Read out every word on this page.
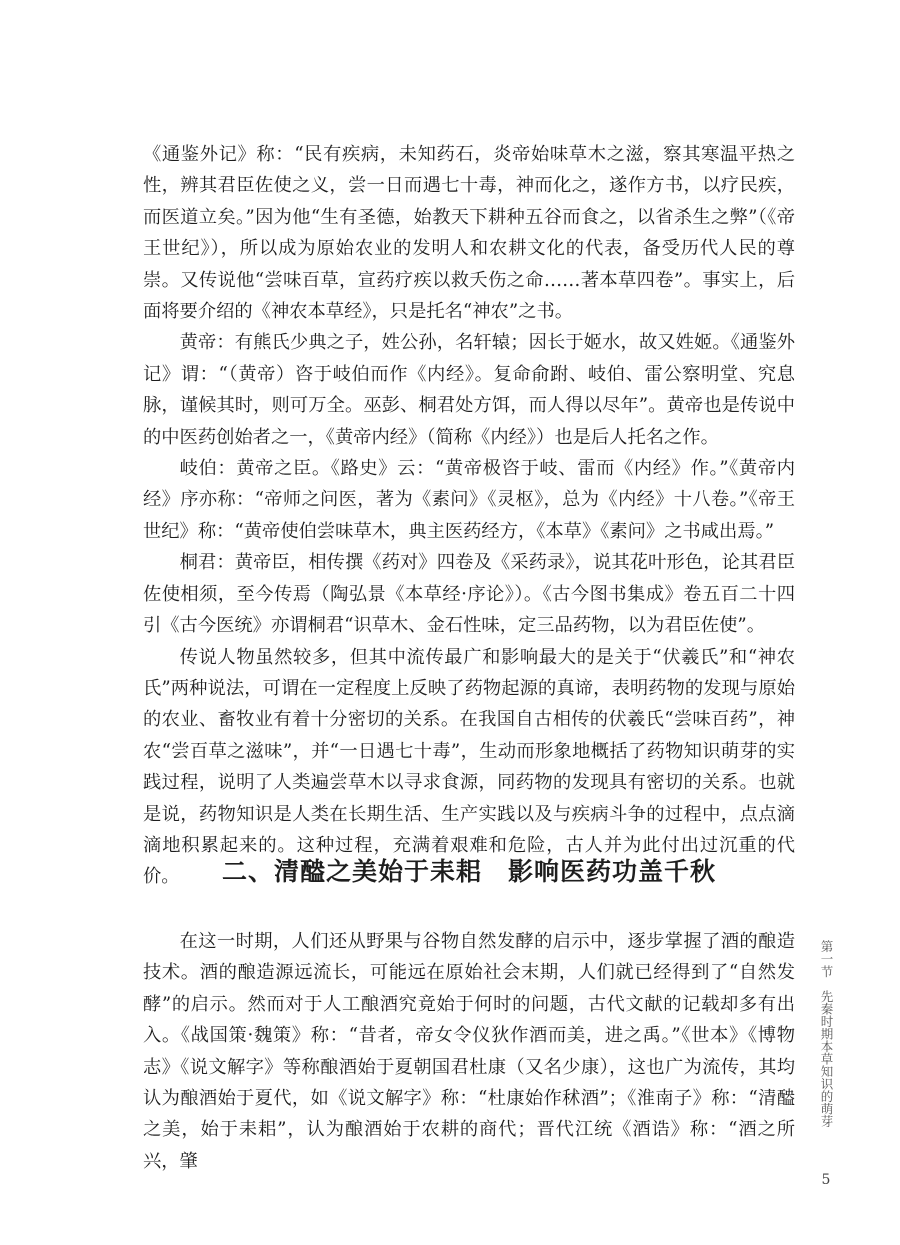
《通鉴外记》称：“民有疾病，未知药石，炎帝始味草木之滋，察其寒温平热之性，辨其君臣佐使之义，尝一日而遇七十毒，神而化之，遂作方书，以疗民疾，而医道立矣。”因为他“生有圣德，始教天下耕种五谷而食之，以省杀生之弊”（《帝王世纪》），所以成为原始农业的发明人和农耕文化的代表，备受历代人民的尊崇。又传说他“尝味百草，宣药疗疾以救夭伤之命……著本草四卷”。事实上，后面将要介绍的《神农本草经》，只是托名“神农”之书。

黄帝：有熊氏少典之子，姓公孙，名轩辕；因长于姬水，故又姓姬。《通鉴外记》谓：“（黄帝）咨于岐伯而作《内经》。复命俞跗、岐伯、雷公察明堂、究息脉，谨候其时，则可万全。巫彭、桐君处方饵，而人得以尽年”。黄帝也是传说中的中医药创始者之一，《黄帝内经》（简称《内经》）也是后人托名之作。

岐伯：黄帝之臣。《路史》云：“黄帝极咨于岐、雷而《内经》作。”《黄帝内经》序亦称：“帝师之问医，著为《素问》《灵枢》，总为《内经》十八卷。”《帝王世纪》称：“黄帝使伯尝味草木，典主医药经方，《本草》《素问》之书咸出焉。”

桐君：黄帝臣，相传撰《药对》四卷及《采药录》，说其花叶形色，论其君臣佐使相须，至今传焉（陶弘景《本草经·序论》）。《古今图书集成》卷五百二十四引《古今医统》亦谓桐君“识草木、金石性味，定三品药物，以为君臣佐使”。

传说人物虽然较多，但其中流传最广和影响最大的是关于“伏羲氏”和“神农氏”两种说法，可谓在一定程度上反映了药物起源的真谛，表明药物的发现与原始的农业、畜牧业有着十分密切的关系。在我国自古相传的伏羲氏“尝味百药”，神农“尝百草之滋味”，并“一日遇七十毒”，生动而形象地概括了药物知识萌芽的实践过程，说明了人类遍尝草木以寻求食源，同药物的发现具有密切的关系。也就是说，药物知识是人类在长期生活、生产实践以及与疾病斗争的过程中，点点滴滴地积累起来的。这种过程，充满着艰难和危险，古人并为此付出过沉重的代价。	二、清醠之美始于耒耜　影响医药功盖千秋

在这一时期，人们还从野果与谷物自然发酵的启示中，逐步掌握了酒的酿造技术。酒的酿造源远流长，可能远在原始社会末期，人们就已经得到了“自然发酵”的启示。然而对于人工酿酒究竟始于何时的问题，古代文献的记载却多有出入。《战国策·魏策》称：“昔者，帝女令仪狄作酒而美，进之禹。”《世本》《博物志》《说文解字》等称酿酒始于夏朝国君杜康（又名少康），这也广为流传，其均认为酿酒始于夏代，如《说文解字》称：“杜康始作秫酒”；《淮南子》称：“清醠之美，始于耒耜”，认为酿酒始于农耕的商代；晋代江统《酒诰》称：“酒之所兴，肇

第一节　先秦时期本草知识的萌芽
5
